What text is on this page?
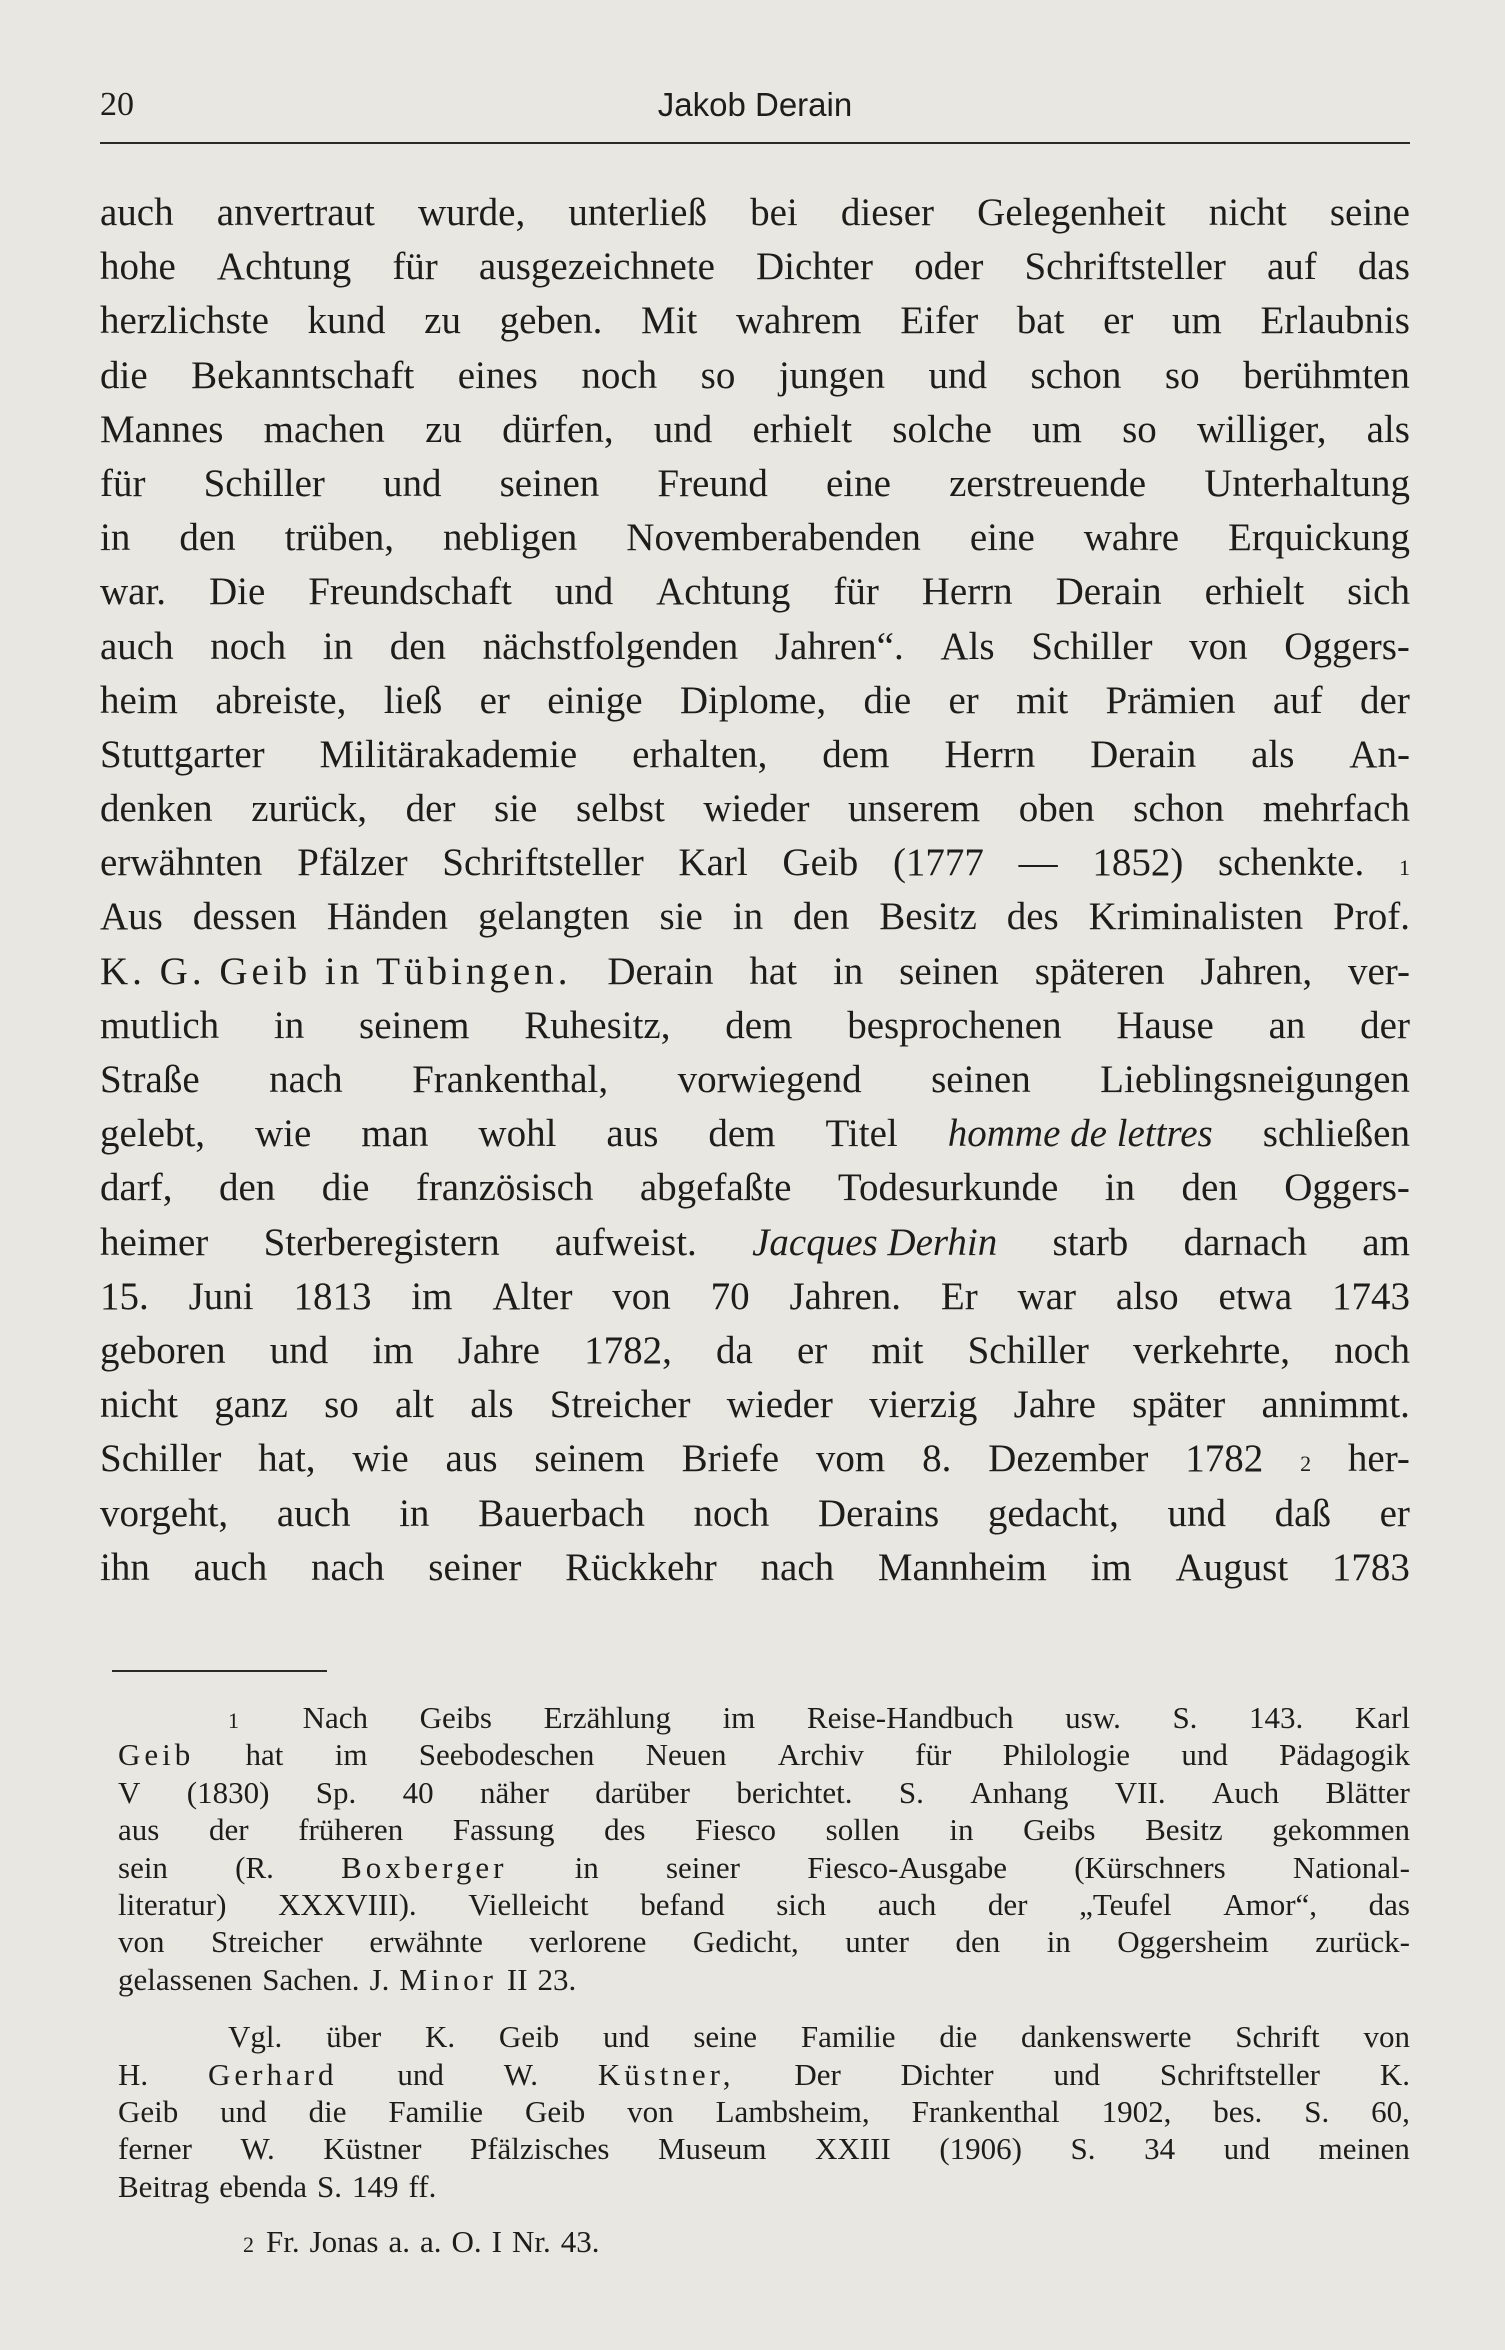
20	Jakob Derain
auch anvertraut wurde, unterließ bei dieser Gelegenheit nicht seine
hohe Achtung für ausgezeichnete Dichter oder Schriftsteller auf das
herzlichste kund zu geben. Mit wahrem Eifer bat er um Erlaubnis
die Bekanntschaft eines noch so jungen und schon so berühmten
Mannes machen zu dürfen, und erhielt solche um so williger, als
für Schiller und seinen Freund eine zerstreuende Unterhaltung
in den trüben, nebligen Novemberabenden eine wahre Erquickung
war. Die Freundschaft und Achtung für Herrn Derain erhielt sich
auch noch in den nächstfolgenden Jahren“. Als Schiller von Oggers-
heim abreiste, ließ er einige Diplome, die er mit Prämien auf der
Stuttgarter Militärakademie erhalten, dem Herrn Derain als An-
denken zurück, der sie selbst wieder unserem oben schon mehrfach
erwähnten Pfälzer Schriftsteller Karl Geib (1777 — 1852) schenkte. 1
Aus dessen Händen gelangten sie in den Besitz des Kriminalisten Prof.
K. G. Geib in Tübingen. Derain hat in seinen späteren Jahren, ver-
mutlich in seinem Ruhesitz, dem besprochenen Hause an der
Straße nach Frankenthal, vorwiegend seinen Lieblingsneigungen
gelebt, wie man wohl aus dem Titel homme de lettres schließen
darf, den die französisch abgefaßte Todesurkunde in den Oggers-
heimer Sterberegistern aufweist. Jacques Derhin starb darnach am
15. Juni 1813 im Alter von 70 Jahren. Er war also etwa 1743
geboren und im Jahre 1782, da er mit Schiller verkehrte, noch
nicht ganz so alt als Streicher wieder vierzig Jahre später annimmt.
Schiller hat, wie aus seinem Briefe vom 8. Dezember 1782 2 her-
vorgeht, auch in Bauerbach noch Derains gedacht, und daß er
ihn auch nach seiner Rückkehr nach Mannheim im August 1783
1 Nach Geibs Erzählung im Reise-Handbuch usw. S. 143. Karl
Geib hat im Seebodeschen Neuen Archiv für Philologie und Pädagogik
V (1830) Sp. 40 näher darüber berichtet. S. Anhang VII. Auch Blätter
aus der früheren Fassung des Fiesco sollen in Geibs Besitz gekommen
sein (R. Boxberger in seiner Fiesco-Ausgabe (Kürschners National-
literatur) XXXVIII). Vielleicht befand sich auch der „Teufel Amor“, das
von Streicher erwähnte verlorene Gedicht, unter den in Oggersheim zurück-
gelassenen Sachen. J. Minor II 23.
Vgl. über K. Geib und seine Familie die dankenswerte Schrift von
H. Gerhard und W. Küstner, Der Dichter und Schriftsteller K.
Geib und die Familie Geib von Lambsheim, Frankenthal 1902, bes. S. 60,
ferner W. Küstner Pfälzisches Museum XXIII (1906) S. 34 und meinen
Beitrag ebenda S. 149 ff.
2 Fr. Jonas a. a. O. I Nr. 43.
